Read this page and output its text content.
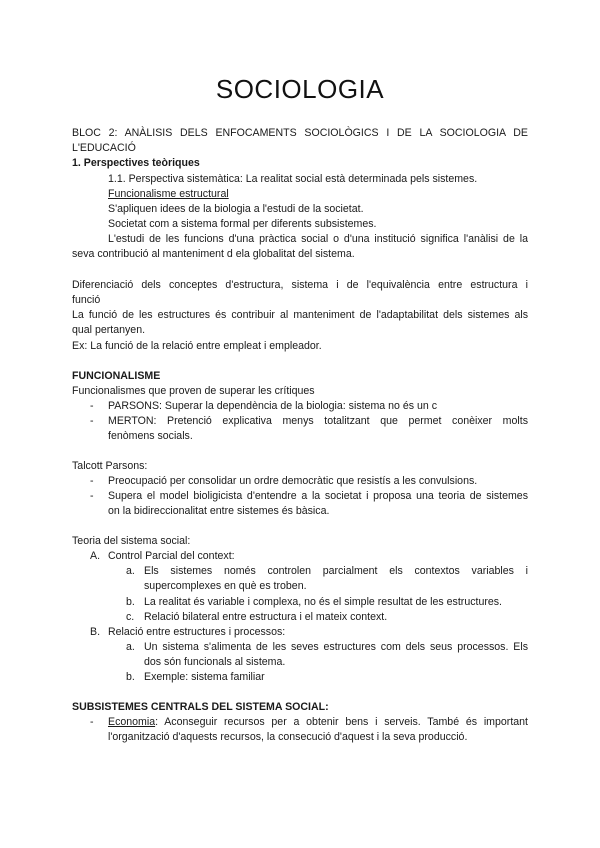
SOCIOLOGIA
BLOC 2: ANÀLISIS DELS ENFOCAMENTS SOCIOLÒGICS I DE LA SOCIOLOGIA DE
L'EDUCACIÓ
1. Perspectives teòriques
1.1. Perspectiva sistemàtica: La realitat social està determinada pels sistemes.
Funcionalisme estructural
S'apliquen idees de la biologia a l'estudi de la societat.
Societat com a sistema formal per diferents subsistemes.
L'estudi de les funcions d'una pràctica social o d'una institució significa l'anàlisi de la
seva contribució al manteniment d ela globalitat del sistema.
Diferenciació dels conceptes d'estructura, sistema i de l'equivalència entre estructura i
funció
La funció de les estructures és contribuir al manteniment de l'adaptabilitat dels sistemes als
qual pertanyen.
Ex: La funció de la relació entre empleat i empleador.
FUNCIONALISME
Funcionalismes que proven de superar les crítiques
- PARSONS: Superar la dependència de la biologia: sistema no és un c
- MERTON: Pretenció explicativa menys totalitzant que permet conèixer molts
fenòmens socials.
Talcott Parsons:
- Preocupació per consolidar un ordre democràtic que resistís a les convulsions.
- Supera el model bioligicista d'entendre a la societat i proposa una teoria de sistemes
on la bidireccionalitat entre sistemes és bàsica.
Teoria del sistema social:
A. Control Parcial del context:
a. Els sistemes només controlen parcialment els contextos variables i
supercomplexes en què es troben.
b. La realitat és variable i complexa, no és el simple resultat de les estructures.
c. Relació bilateral entre estructura i el mateix context.
B. Relació entre estructures i processos:
a. Un sistema s'alimenta de les seves estructures com dels seus processos. Els
dos són funcionals al sistema.
b. Exemple: sistema familiar
SUBSISTEMES CENTRALS DEL SISTEMA SOCIAL:
- Economia: Aconseguir recursos per a obtenir bens i serveis. També és important
l'organització d'aquests recursos, la consecució d'aquest i la seva producció.
